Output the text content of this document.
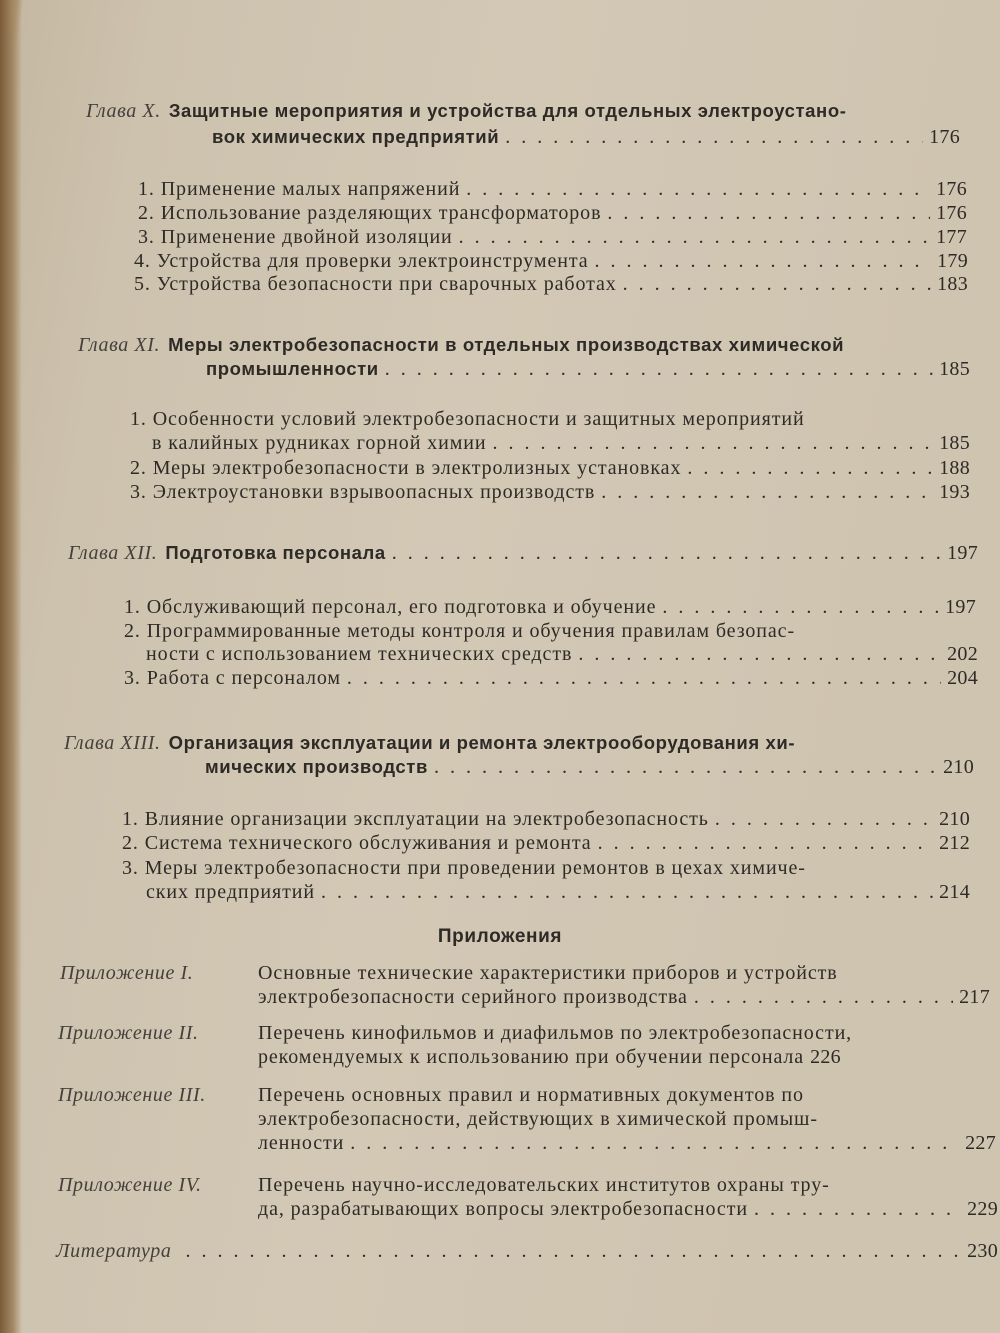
Глава X. Защитные мероприятия и устройства для отдельных электроустано-
вок химических предприятий . . .	176
1. Применение малых напряжений . . .	176
2. Использование разделяющих трансформаторов . . .	176
3. Применение двойной изоляции . . .	177
4. Устройства для проверки электроинструмента . . .	179
5. Устройства безопасности при сварочных работах . . .	183
Глава XI. Меры электробезопасности в отдельных производствах химической
промышленности . . .	185
1. Особенности условий электробезопасности и защитных мероприятий
в калийных рудниках горной химии . . .	185
2. Меры электробезопасности в электролизных установках . . .	188
3. Электроустановки взрывоопасных производств . . .	193
Глава XII. Подготовка персонала . . .	197
1. Обслуживающий персонал, его подготовка и обучение . . .	197
2. Программированные методы контроля и обучения правилам безопас-
ности с использованием технических средств . . .	202
3. Работа с персоналом . . .	204
Глава XIII. Организация эксплуатации и ремонта электрооборудования хи-
мических производств . . .	210
1. Влияние организации эксплуатации на электробезопасность . . .	210
2. Система технического обслуживания и ремонта . . .	212
3. Меры электробезопасности при проведении ремонтов в цехах химиче-
ских предприятий . . .	214
Приложения
Приложение I.	Основные технические характеристики приборов и устройств
электробезопасности серийного производства . . .	217
Приложение II.	Перечень кинофильмов и диафильмов по электробезопасности,
рекомендуемых к использованию при обучении персонала 226
Приложение III.	Перечень основных правил и нормативных документов по
электробезопасности, действующих в химической промыш-
ленности . . .	227
Приложение IV.	Перечень научно-исследовательских институтов охраны тру-
да, разрабатывающих вопросы электробезопасности . . .	229
Литература . . .	230
